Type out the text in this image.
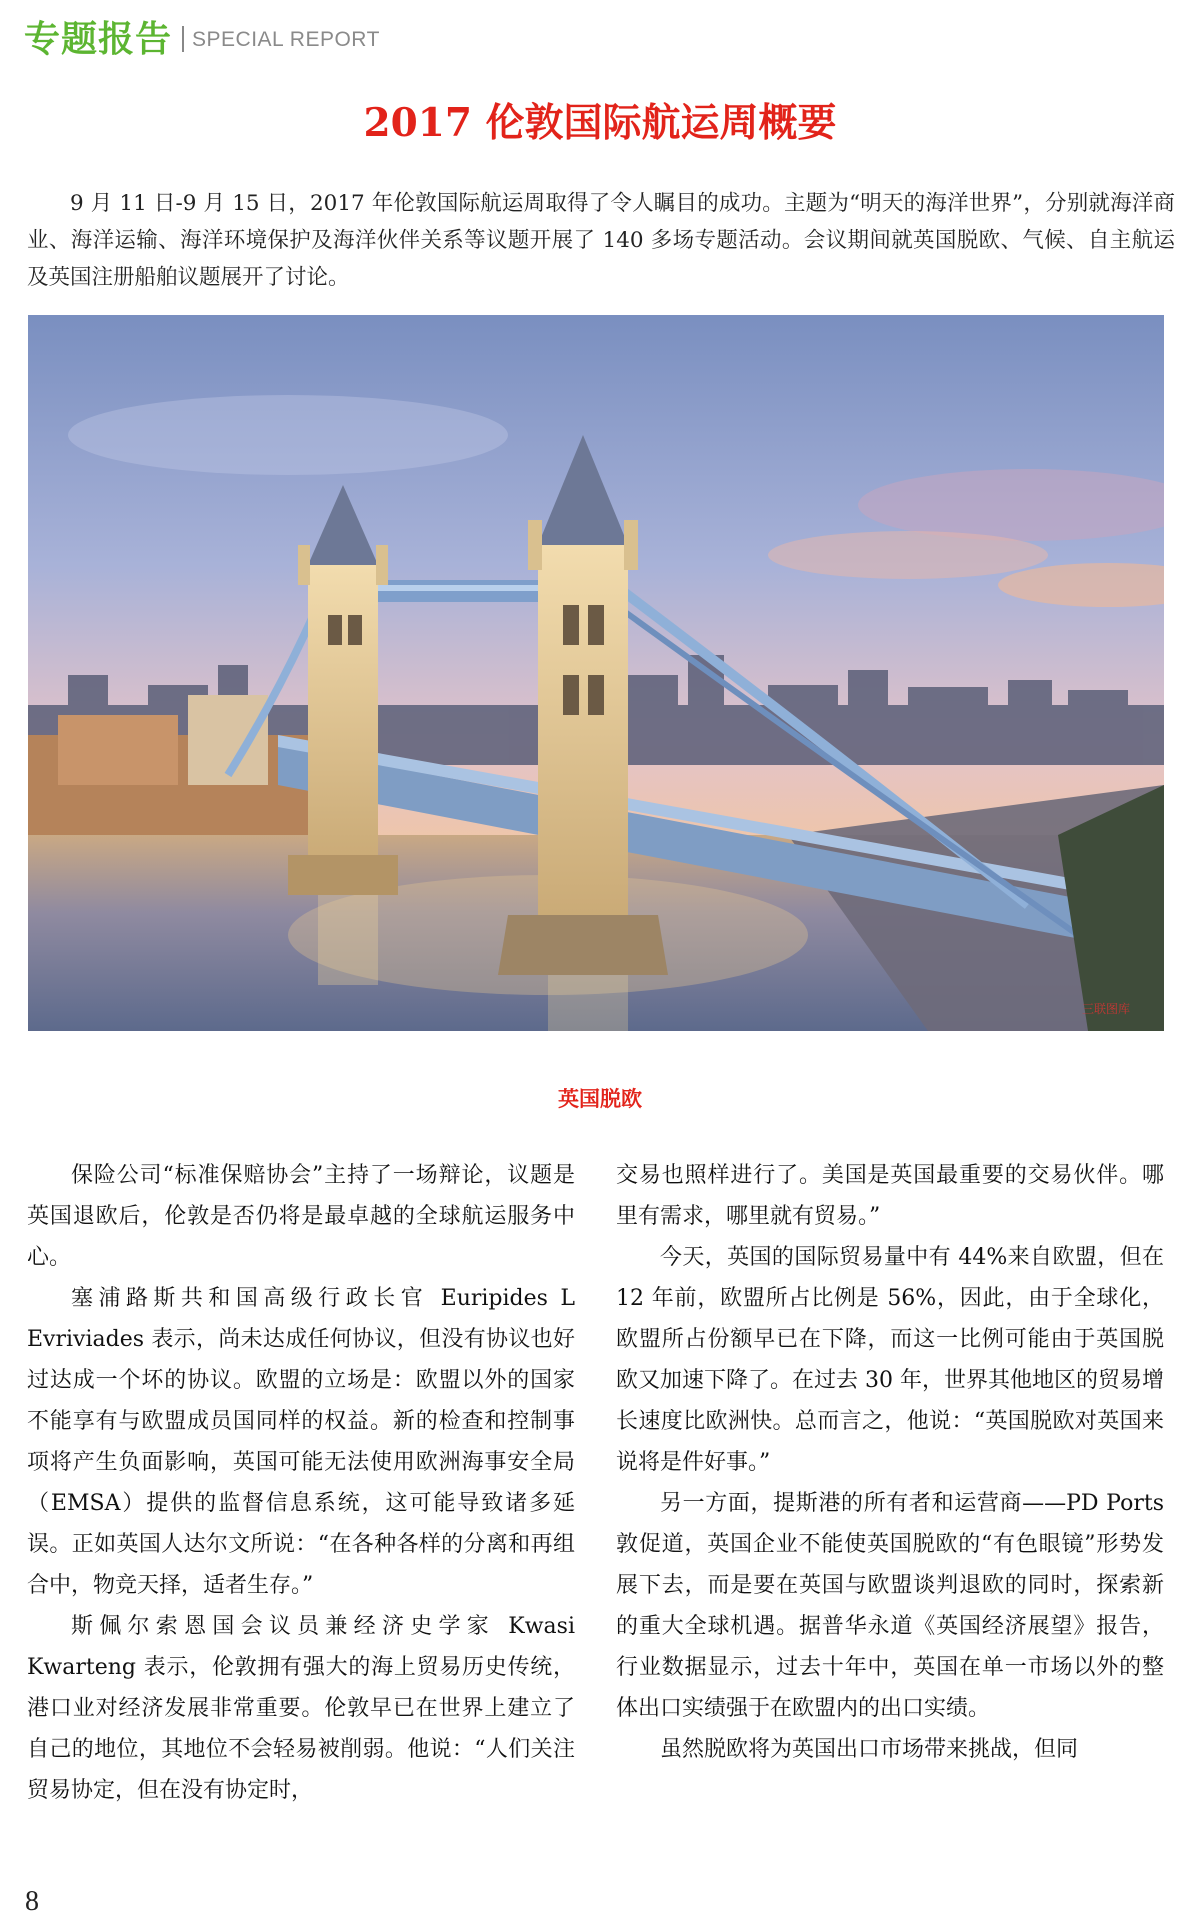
专题报告 SPECIAL REPORT
2017 伦敦国际航运周概要

9 月 11 日-9 月 15 日，2017 年伦敦国际航运周取得了令人瞩目的成功。主题为“明天的海洋世界”，分别就海洋商业、海洋运输、海洋环境保护及海洋伙伴关系等议题开展了 140 多场专题活动。会议期间就英国脱欧、气候、自主航运及英国注册船舶议题展开了讨论。

三联图库
英国脱欧

保险公司“标准保赔协会”主持了一场辩论，议题是英国退欧后，伦敦是否仍将是最卓越的全球航运服务中心。

塞浦路斯共和国高级行政长官 Euripides L Evriviades 表示，尚未达成任何协议，但没有协议也好过达成一个坏的协议。欧盟的立场是：欧盟以外的国家不能享有与欧盟成员国同样的权益。新的检查和控制事项将产生负面影响，英国可能无法使用欧洲海事安全局（EMSA）提供的监督信息系统，这可能导致诸多延误。正如英国人达尔文所说：“在各种各样的分离和再组合中，物竞天择，适者生存。”

斯佩尔索恩国会议员兼经济史学家 Kwasi Kwarteng 表示，伦敦拥有强大的海上贸易历史传统，港口业对经济发展非常重要。伦敦早已在世界上建立了自己的地位，其地位不会轻易被削弱。他说：“人们关注贸易协定，但在没有协定时，

交易也照样进行了。美国是英国最重要的交易伙伴。哪里有需求，哪里就有贸易。”

今天，英国的国际贸易量中有 44%来自欧盟，但在 12 年前，欧盟所占比例是 56%，因此，由于全球化，欧盟所占份额早已在下降，而这一比例可能由于英国脱欧又加速下降了。在过去 30 年，世界其他地区的贸易增长速度比欧洲快。总而言之，他说：“英国脱欧对英国来说将是件好事。”

另一方面，提斯港的所有者和运营商——PD Ports 敦促道，英国企业不能使英国脱欧的“有色眼镜”形势发展下去，而是要在英国与欧盟谈判退欧的同时，探索新的重大全球机遇。据普华永道《英国经济展望》报告，行业数据显示，过去十年中，英国在单一市场以外的整体出口实绩强于在欧盟内的出口实绩。

虽然脱欧将为英国出口市场带来挑战，但同

8
